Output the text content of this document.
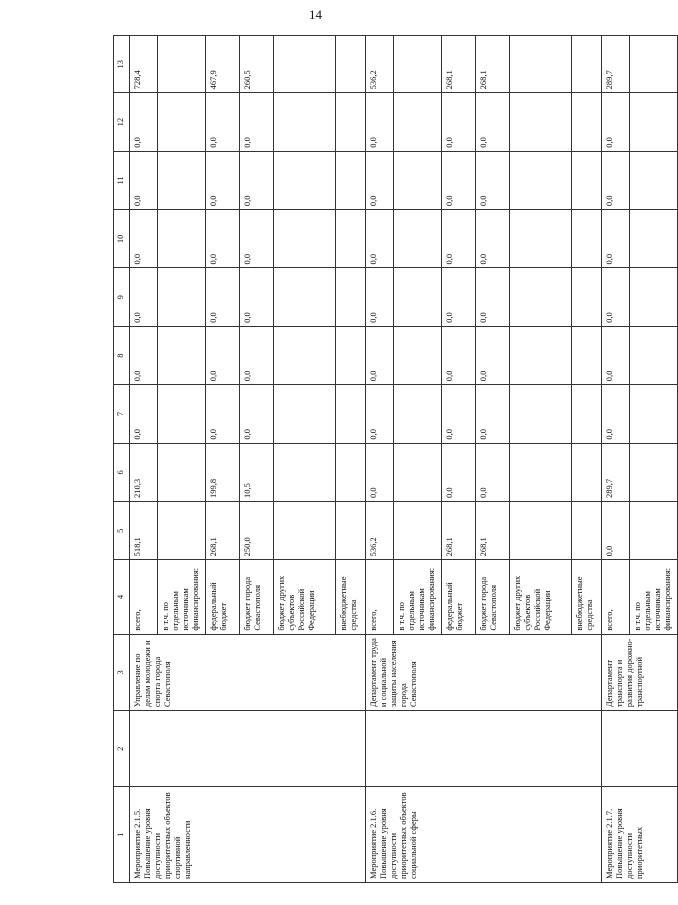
14
1	2	3	4	5	6	7	8	9	10	11	12	13
Мероприятие 2.1.5. Повышение уровня доступности приоритетных объектов спортивной направленности		Управление по делам молодежи и спорта города Севастополя	всего,	518,1	210,3	0,0	0,0	0,0	0,0	0,0	0,0	728,4
			в т.ч. по отдельным источникам финансирования:									
			федеральный бюджет	268,1	199,8	0,0	0,0	0,0	0,0	0,0	0,0	467,9
			бюджет города Севастополя	250,0	10,5	0,0	0,0	0,0	0,0	0,0	0,0	260,5
			бюджет других субъектов Российской Федерации									
			внебюджетные средства									
Мероприятие 2.1.6. Повышение уровня доступности приоритетных объектов социальной сферы		Департамент труда и социальной защиты населения города Севастополя	всего,	536,2	0,0	0,0	0,0	0,0	0,0	0,0	0,0	536,2
			в т.ч. по отдельным источникам финансирования:									
			федеральный бюджет	268,1	0,0	0,0	0,0	0,0	0,0	0,0	0,0	268,1
			бюджет города Севастополя	268,1	0,0	0,0	0,0	0,0	0,0	0,0	0,0	268,1
			бюджет других субъектов Российской Федерации									
			внебюджетные средства									
Мероприятие 2.1.7. Повышение уровня доступности приоритетных		Департамент транспорта и развития дорожно-транспортной	всего,	0,0	289,7	0,0	0,0	0,0	0,0	0,0	0,0	289,7
			в т.ч. по отдельным источникам финансирования:									
